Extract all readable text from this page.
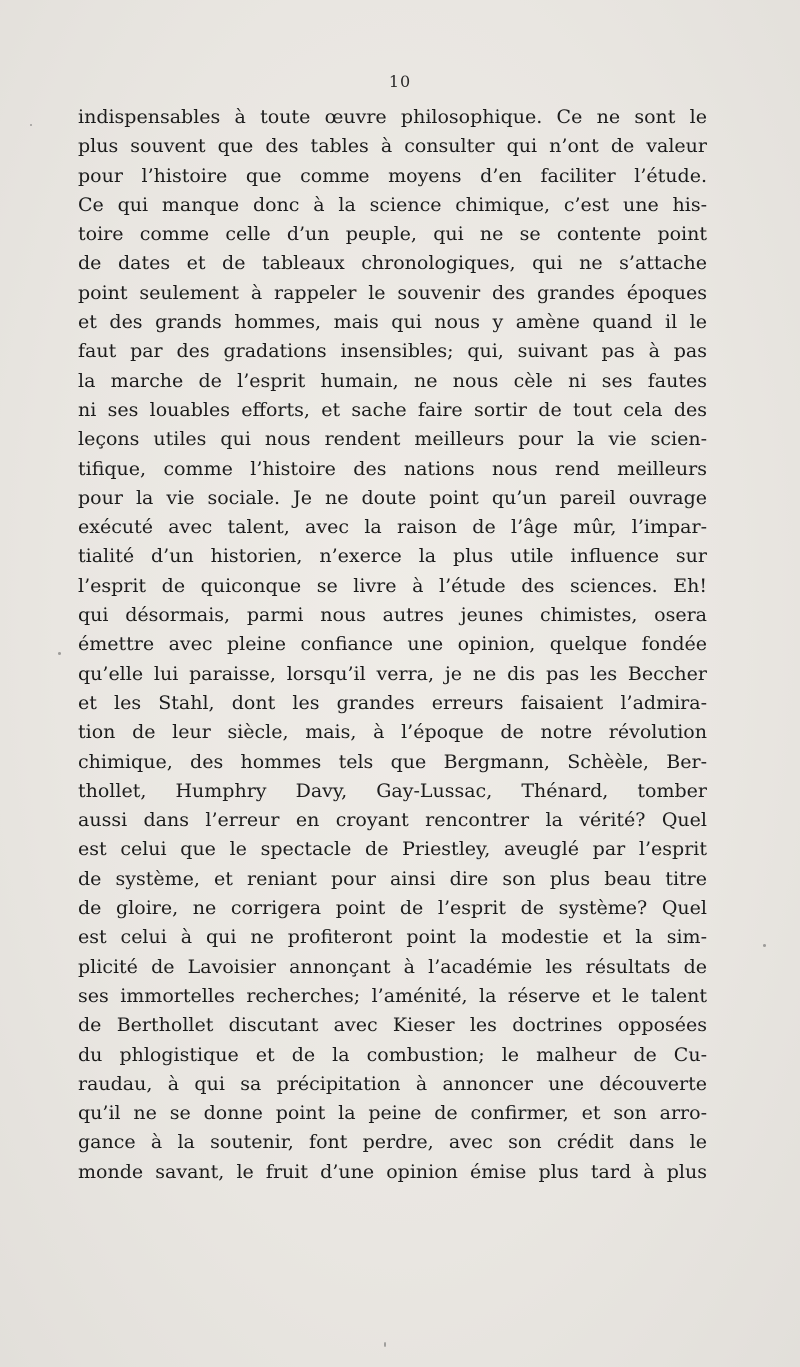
10
indispensables à toute œuvre philosophique. Ce ne sont le
plus souvent que des tables à consulter qui n’ont de valeur
pour l’histoire que comme moyens d’en faciliter l’étude.
Ce qui manque donc à la science chimique, c’est une his-
toire comme celle d’un peuple, qui ne se contente point
de dates et de tableaux chronologiques, qui ne s’attache
point seulement à rappeler le souvenir des grandes époques
et des grands hommes, mais qui nous y amène quand il le
faut par des gradations insensibles; qui, suivant pas à pas
la marche de l’esprit humain, ne nous cèle ni ses fautes
ni ses louables efforts, et sache faire sortir de tout cela des
leçons utiles qui nous rendent meilleurs pour la vie scien-
tifique, comme l’histoire des nations nous rend meilleurs
pour la vie sociale. Je ne doute point qu’un pareil ouvrage
exécuté avec talent, avec la raison de l’âge mûr, l’impar-
tialité d’un historien, n’exerce la plus utile influence sur
l’esprit de quiconque se livre à l’étude des sciences. Eh!
qui désormais, parmi nous autres jeunes chimistes, osera
émettre avec pleine confiance une opinion, quelque fondée
qu’elle lui paraisse, lorsqu’il verra, je ne dis pas les Beccher
et les Stahl, dont les grandes erreurs faisaient l’admira-
tion de leur siècle, mais, à l’époque de notre révolution
chimique, des hommes tels que Bergmann, Schèèle, Ber-
thollet, Humphry Davy, Gay-Lussac, Thénard, tomber
aussi dans l’erreur en croyant rencontrer la vérité? Quel
est celui que le spectacle de Priestley, aveuglé par l’esprit
de système, et reniant pour ainsi dire son plus beau titre
de gloire, ne corrigera point de l’esprit de système? Quel
est celui à qui ne profiteront point la modestie et la sim-
plicité de Lavoisier annonçant à l’académie les résultats de
ses immortelles recherches; l’aménité, la réserve et le talent
de Berthollet discutant avec Kieser les doctrines opposées
du phlogistique et de la combustion; le malheur de Cu-
raudau, à qui sa précipitation à annoncer une découverte
qu’il ne se donne point la peine de confirmer, et son arro-
gance à la soutenir, font perdre, avec son crédit dans le
monde savant, le fruit d’une opinion émise plus tard à plus
